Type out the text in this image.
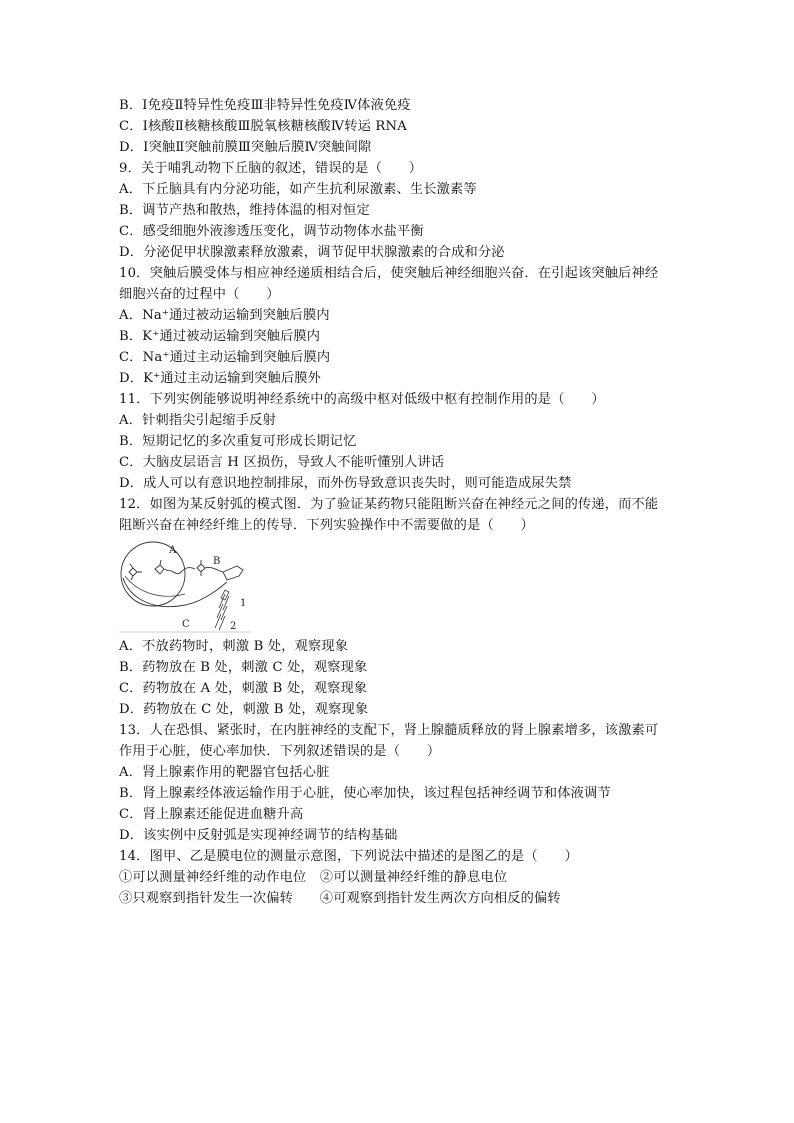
B．Ⅰ免疫Ⅱ特异性免疫Ⅲ非特异性免疫Ⅳ体液免疫
C．Ⅰ核酸Ⅱ核糖核酸Ⅲ脱氧核糖核酸Ⅳ转运 RNA
D．Ⅰ突触Ⅱ突触前膜Ⅲ突触后膜Ⅳ突触间隙
9．关于哺乳动物下丘脑的叙述，错误的是（　　）
A．下丘脑具有内分泌功能，如产生抗利尿激素、生长激素等
B．调节产热和散热，维持体温的相对恒定
C．感受细胞外液渗透压变化，调节动物体水盐平衡
D．分泌促甲状腺激素释放激素，调节促甲状腺激素的合成和分泌
10．突触后膜受体与相应神经递质相结合后，使突触后神经细胞兴奋．在引起该突触后神经
细胞兴奋的过程中（　　）
A．Na⁺通过被动运输到突触后膜内
B．K⁺通过被动运输到突触后膜内
C．Na⁺通过主动运输到突触后膜内
D．K⁺通过主动运输到突触后膜外
11．下列实例能够说明神经系统中的高级中枢对低级中枢有控制作用的是（　　）
A．针刺指尖引起缩手反射
B．短期记忆的多次重复可形成长期记忆
C．大脑皮层语言 H 区损伤，导致人不能听懂别人讲话
D．成人可以有意识地控制排尿，而外伤导致意识丧失时，则可能造成尿失禁
12．如图为某反射弧的模式图．为了验证某药物只能阻断兴奋在神经元之间的传递，而不能
阻断兴奋在神经纤维上的传导．下列实验操作中不需要做的是（　　）
A
B
C
1
2
A．不放药物时，刺激 B 处，观察现象
B．药物放在 B 处，刺激 C 处，观察现象
C．药物放在 A 处，刺激 B 处，观察现象
D．药物放在 C 处，刺激 B 处，观察现象
13．人在恐惧、紧张时，在内脏神经的支配下，肾上腺髓质释放的肾上腺素增多，该激素可
作用于心脏，使心率加快．下列叙述错误的是（　　）
A．肾上腺素作用的靶器官包括心脏
B．肾上腺素经体液运输作用于心脏，使心率加快，该过程包括神经调节和体液调节
C．肾上腺素还能促进血糖升高
D．该实例中反射弧是实现神经调节的结构基础
14．图甲、乙是膜电位的测量示意图，下列说法中描述的是图乙的是（　　）
①可以测量神经纤维的动作电位　②可以测量神经纤维的静息电位
③只观察到指针发生一次偏转　　④可观察到指针发生两次方向相反的偏转
